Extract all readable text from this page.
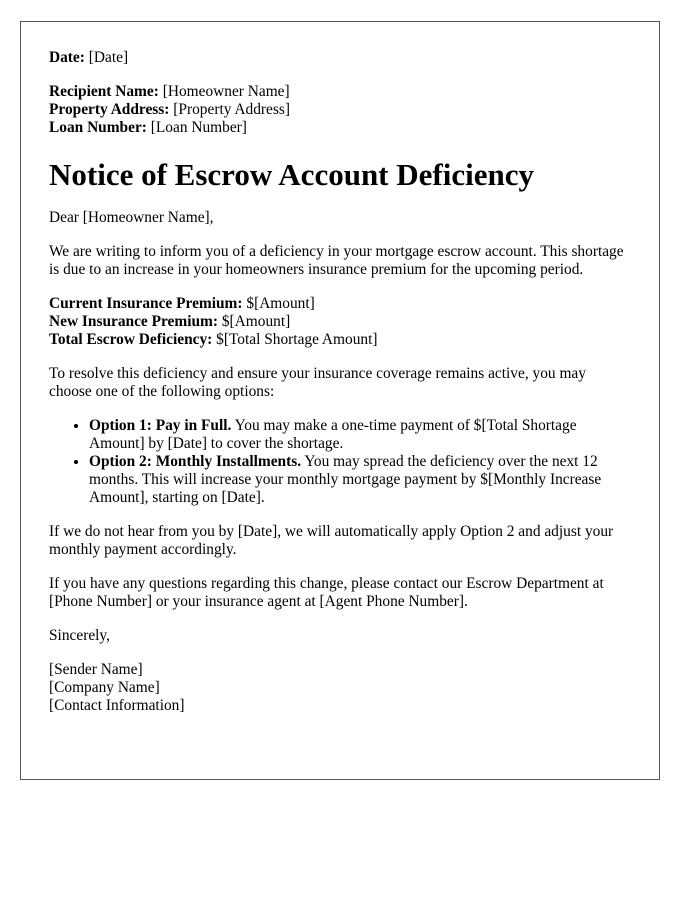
Date: [Date]
Recipient Name: [Homeowner Name]
Property Address: [Property Address]
Loan Number: [Loan Number]
Notice of Escrow Account Deficiency

Dear [Homeowner Name],

We are writing to inform you of a deficiency in your mortgage escrow account. This shortage is due to an increase in your homeowners insurance premium for the upcoming period.

Current Insurance Premium: $[Amount]
New Insurance Premium: $[Amount]
Total Escrow Deficiency: $[Total Shortage Amount]

To resolve this deficiency and ensure your insurance coverage remains active, you may choose one of the following options:

• Option 1: Pay in Full. You may make a one-time payment of $[Total Shortage Amount] by [Date] to cover the shortage.
• Option 2: Monthly Installments. You may spread the deficiency over the next 12 months. This will increase your monthly mortgage payment by $[Monthly Increase Amount], starting on [Date].

If we do not hear from you by [Date], we will automatically apply Option 2 and adjust your monthly payment accordingly.

If you have any questions regarding this change, please contact our Escrow Department at [Phone Number] or your insurance agent at [Agent Phone Number].

Sincerely,

[Sender Name]
[Company Name]
[Contact Information]
